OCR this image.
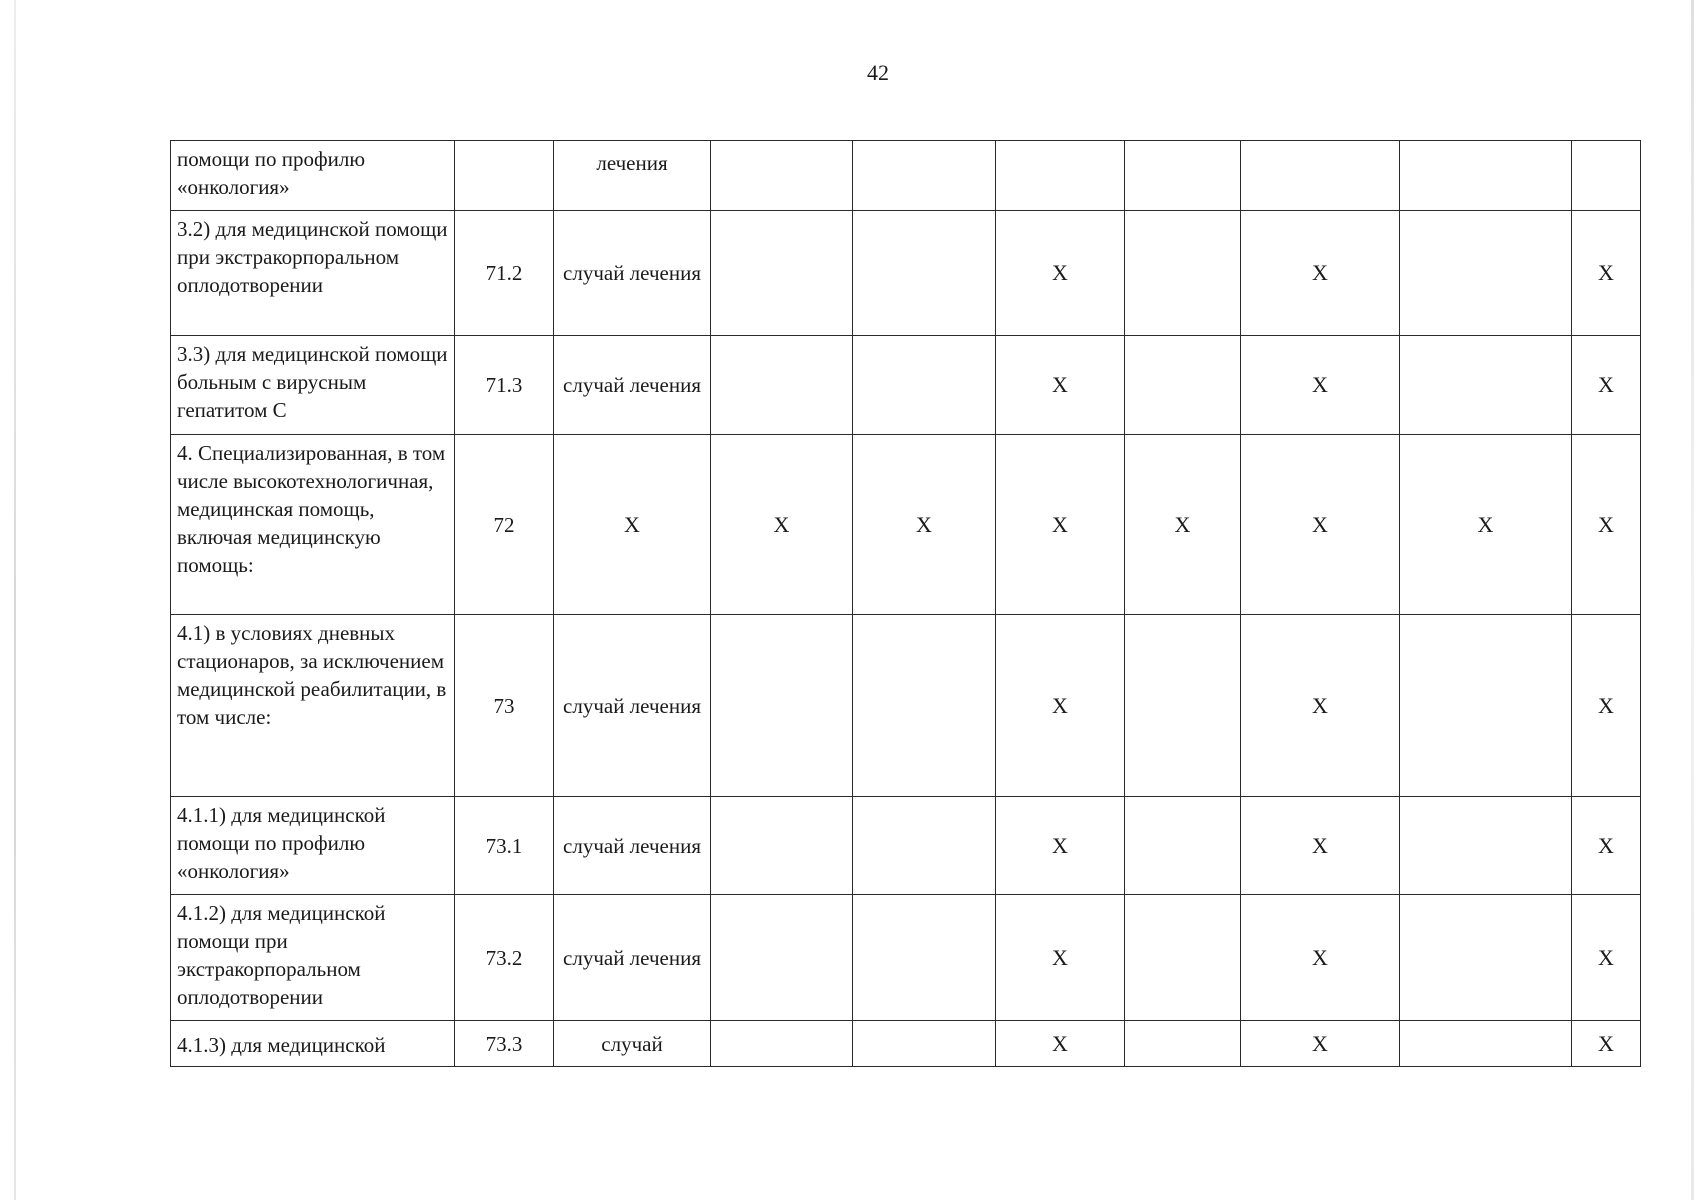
42
помощи по профилю «онкология»		лечения							
3.2) для медицинской помощи при экстракорпоральном оплодотворении	71.2	случай лечения			X		X		X
3.3) для медицинской помощи больным с вирусным гепатитом С	71.3	случай лечения			X		X		X
4. Специализированная, в том числе высокотехнологичная, медицинская помощь, включая медицинскую помощь:	72	X	X	X	X	X	X	X	X
4.1) в условиях дневных стационаров, за исключением медицинской реабилитации, в том числе:	73	случай лечения			X		X		X
4.1.1) для медицинской помощи по профилю «онкология»	73.1	случай лечения			X		X		X
4.1.2) для медицинской помощи при экстракорпоральном оплодотворении	73.2	случай лечения			X		X		X
4.1.3) для медицинской	73.3	случай			X		X		X
